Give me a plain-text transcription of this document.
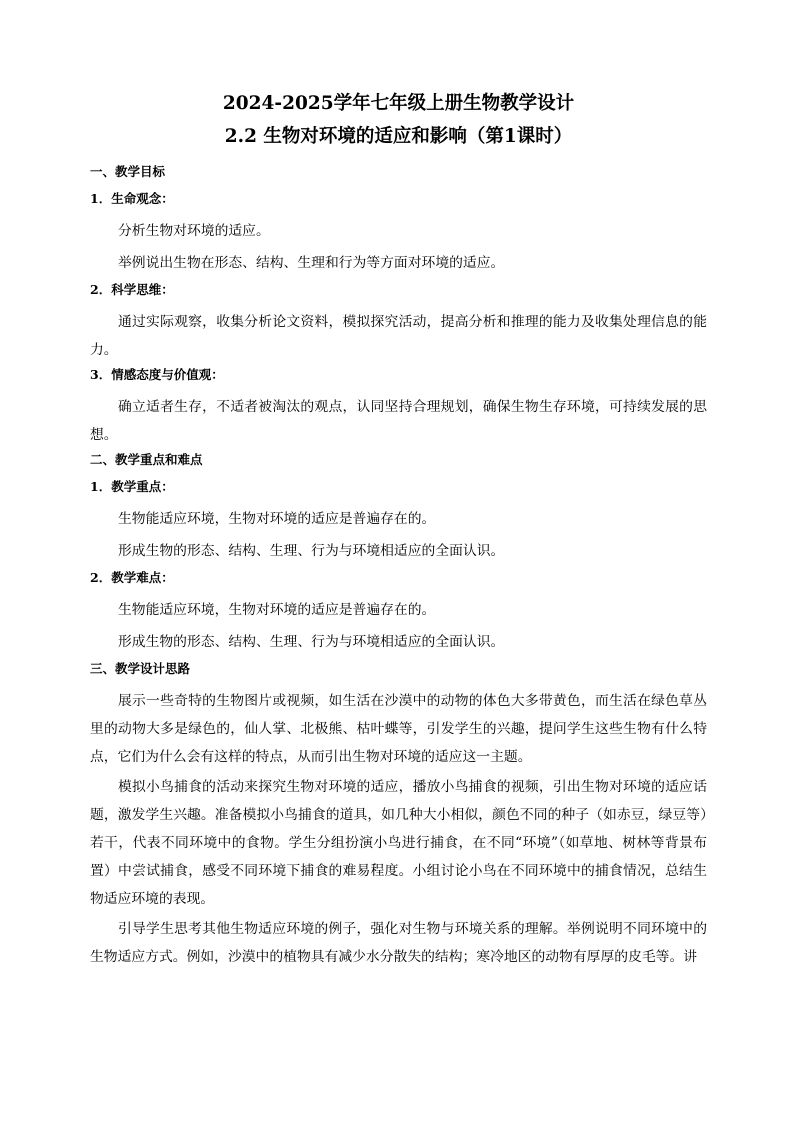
2024-2025学年七年级上册生物教学设计
2.2 生物对环境的适应和影响（第1课时）
一、教学目标
1．生命观念：

分析生物对环境的适应。

举例说出生物在形态、结构、生理和行为等方面对环境的适应。

2．科学思维：

通过实际观察，收集分析论文资料，模拟探究活动，提高分析和推理的能力及收集处理信息的能力。

3．情感态度与价值观：

确立适者生存，不适者被淘汰的观点，认同坚持合理规划，确保生物生存环境，可持续发展的思想。

二、教学重点和难点
1．教学重点：

生物能适应环境，生物对环境的适应是普遍存在的。

形成生物的形态、结构、生理、行为与环境相适应的全面认识。

2．教学难点：

生物能适应环境，生物对环境的适应是普遍存在的。

形成生物的形态、结构、生理、行为与环境相适应的全面认识。

三、教学设计思路

展示一些奇特的生物图片或视频，如生活在沙漠中的动物的体色大多带黄色，而生活在绿色草丛里的动物大多是绿色的，仙人掌、北极熊、枯叶蝶等，引发学生的兴趣，提问学生这些生物有什么特点，它们为什么会有这样的特点，从而引出生物对环境的适应这一主题。

模拟小鸟捕食的活动来探究生物对环境的适应，播放小鸟捕食的视频，引出生物对环境的适应话题，激发学生兴趣。准备模拟小鸟捕食的道具，如几种大小相似，颜色不同的种子（如赤豆，绿豆等）若干，代表不同环境中的食物。学生分组扮演小鸟进行捕食，在不同“环境”（如草地、树林等背景布置）中尝试捕食，感受不同环境下捕食的难易程度。小组讨论小鸟在不同环境中的捕食情况，总结生物适应环境的表现。

引导学生思考其他生物适应环境的例子，强化对生物与环境关系的理解。举例说明不同环境中的生物适应方式。例如，沙漠中的植物具有减少水分散失的结构；寒冷地区的动物有厚厚的皮毛等。讲
